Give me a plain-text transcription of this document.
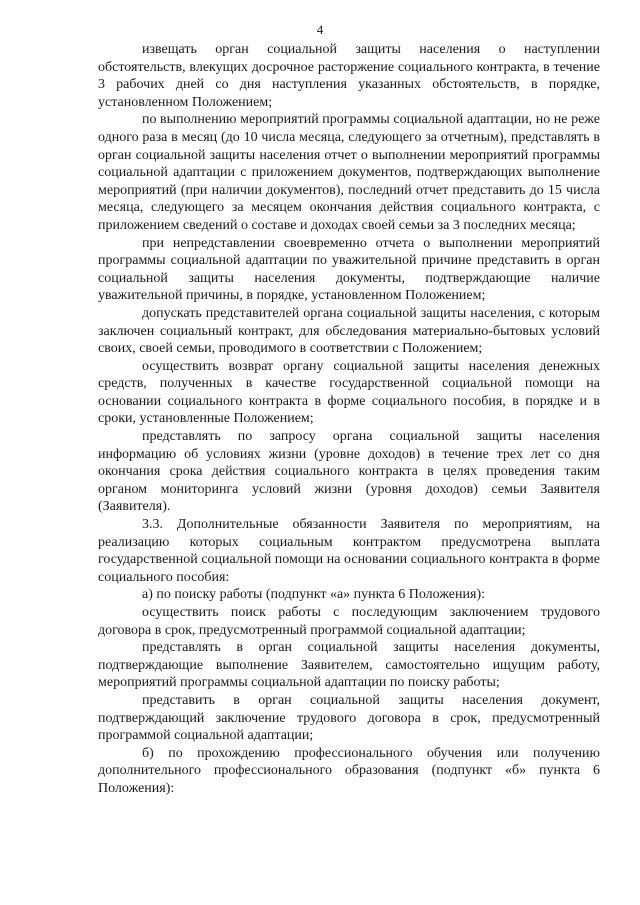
4

извещать орган социальной защиты населения о наступлении обстоятельств, влекущих досрочное расторжение социального контракта, в течение 3 рабочих дней со дня наступления указанных обстоятельств, в порядке, установленном Положением;

по выполнению мероприятий программы социальной адаптации, но не реже одного раза в месяц (до 10 числа месяца, следующего за отчетным), представлять в орган социальной защиты населения отчет о выполнении мероприятий программы социальной адаптации с приложением документов, подтверждающих выполнение мероприятий (при наличии документов), последний отчет представить до 15 числа месяца, следующего за месяцем окончания действия социального контракта, с приложением сведений о составе и доходах своей семьи за 3 последних месяца;

при непредставлении своевременно отчета о выполнении мероприятий программы социальной адаптации по уважительной причине представить в орган социальной защиты населения документы, подтверждающие наличие уважительной причины, в порядке, установленном Положением;

допускать представителей органа социальной защиты населения, с которым заключен социальный контракт, для обследования материально-бытовых условий своих, своей семьи, проводимого в соответствии с Положением;

осуществить возврат органу социальной защиты населения денежных средств, полученных в качестве государственной социальной помощи на основании социального контракта в форме социального пособия, в порядке и в сроки, установленные Положением;

представлять по запросу органа социальной защиты населения информацию об условиях жизни (уровне доходов) в течение трех лет со дня окончания срока действия социального контракта в целях проведения таким органом мониторинга условий жизни (уровня доходов) семьи Заявителя (Заявителя).

3.3. Дополнительные обязанности Заявителя по мероприятиям, на реализацию которых социальным контрактом предусмотрена выплата государственной социальной помощи на основании социального контракта в форме социального пособия:

а) по поиску работы (подпункт «а» пункта 6 Положения):

осуществить поиск работы с последующим заключением трудового договора в срок, предусмотренный программой социальной адаптации;

представлять в орган социальной защиты населения документы, подтверждающие выполнение Заявителем, самостоятельно ищущим работу, мероприятий программы социальной адаптации по поиску работы;

представить в орган социальной защиты населения документ, подтверждающий заключение трудового договора в срок, предусмотренный программой социальной адаптации;

б) по прохождению профессионального обучения или получению дополнительного профессионального образования (подпункт «б» пункта 6 Положения):
